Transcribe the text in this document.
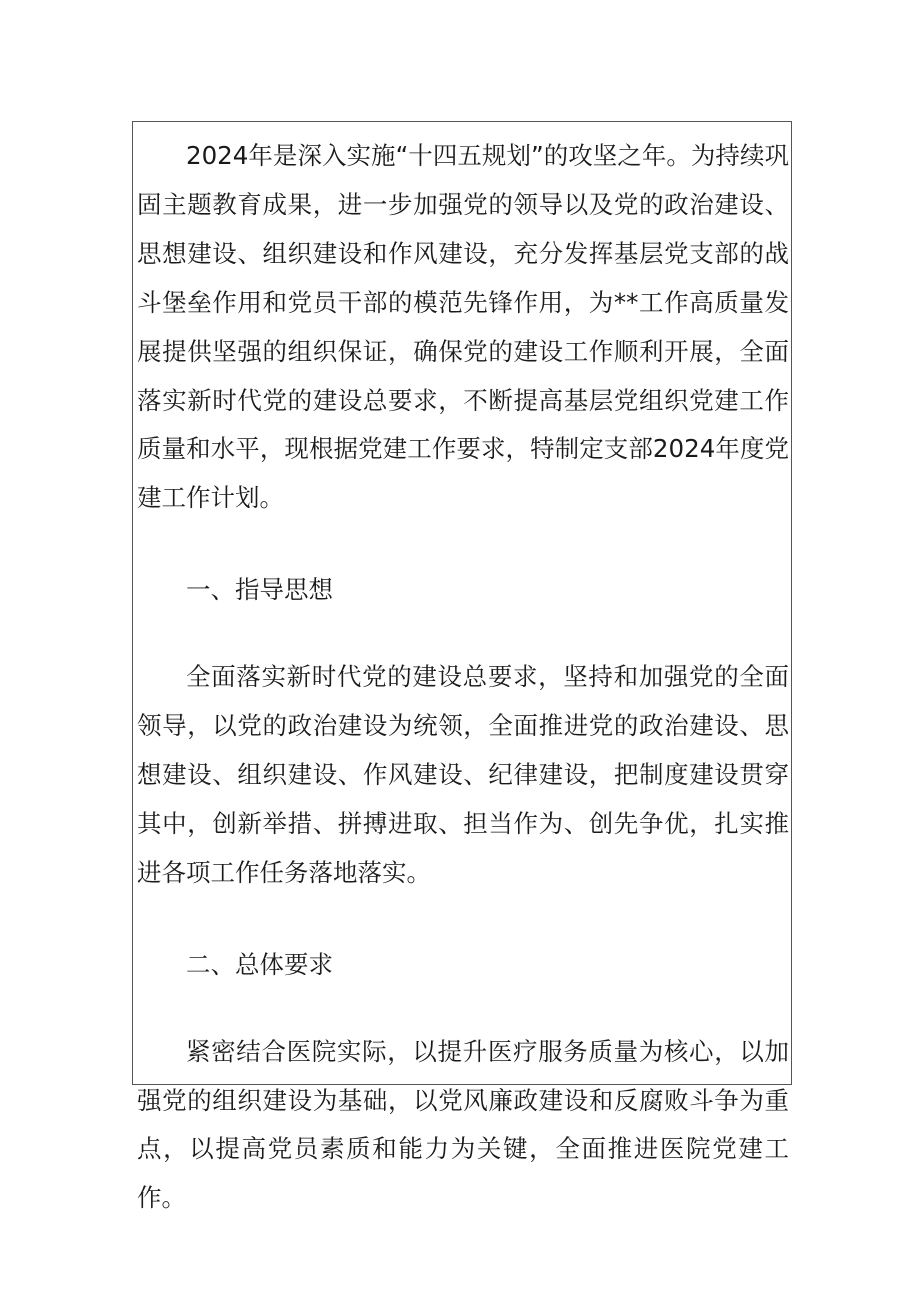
2024年是深入实施“十四五规划”的攻坚之年。为持续巩固主题教育成果，进一步加强党的领导以及党的政治建设、思想建设、组织建设和作风建设，充分发挥基层党支部的战斗堡垒作用和党员干部的模范先锋作用，为**工作高质量发展提供坚强的组织保证，确保党的建设工作顺利开展，全面落实新时代党的建设总要求，不断提高基层党组织党建工作质量和水平，现根据党建工作要求，特制定支部2024年度党建工作计划。

一、指导思想

全面落实新时代党的建设总要求，坚持和加强党的全面领导，以党的政治建设为统领，全面推进党的政治建设、思想建设、组织建设、作风建设、纪律建设，把制度建设贯穿其中，创新举措、拼搏进取、担当作为、创先争优，扎实推进各项工作任务落地落实。

二、总体要求

紧密结合医院实际，以提升医疗服务质量为核心，以加强党的组织建设为基础，以党风廉政建设和反腐败斗争为重点，以提高党员素质和能力为关键，全面推进医院党建工作。
